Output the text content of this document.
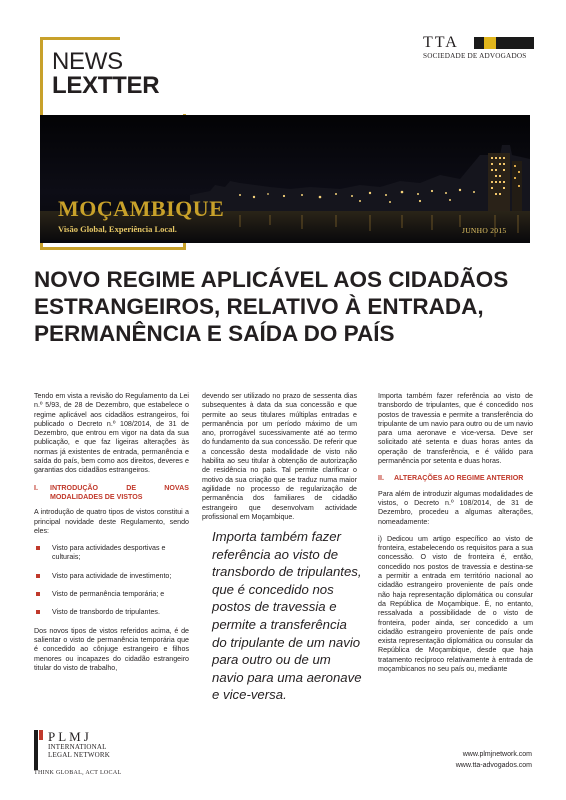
NEWS
LEXTTER
TTA
SOCIEDADE DE ADVOGADOS
MOÇAMBIQUE
Visão Global, Experiência Local.	JUNHO 2015
NOVO REGIME APLICÁVEL AOS CIDADÃOS
ESTRANGEIROS, RELATIVO À ENTRADA,
PERMANÊNCIA E SAÍDA DO PAÍS

Tendo em vista a revisão do Regulamento da Lei n.º 5/93, de 28 de Dezembro, que estabelece o regime aplicável aos cidadãos estrangeiros, foi publicado o Decreto n.º 108/2014, de 31 de Dezembro, que entrou em vigor na data da sua publicação, e que faz ligeiras alterações às normas já existentes de entrada, permanência e saída do país, bem como aos direitos, deveres e garantias dos cidadãos estrangeiros.

I.	INTRODUÇÃO DE NOVAS MODALIDADES DE VISTOS

A introdução de quatro tipos de vistos constitui a principal novidade deste Regulamento, sendo eles:

Visto para actividades desportivas e culturais;
Visto para actividade de investimento;
Visto de permanência temporária; e
Visto de transbordo de tripulantes.

Dos novos tipos de vistos referidos acima, é de salientar o visto de permanência temporária que é concedido ao cônjuge estrangeiro e filhos menores ou incapazes do cidadão estrangeiro titular do visto de trabalho,

devendo ser utilizado no prazo de sessenta dias subsequentes à data da sua concessão e que permite ao seus titulares múltiplas entradas e permanência por um período máximo de um ano, prorrogável sucessivamente até ao termo do fundamento da sua concessão. De referir que a concessão desta modalidade de visto não habilita ao seu titular à obtenção de autorização de residência no país. Tal permite clarificar o motivo da sua criação que se traduz numa maior agilidade no processo de regularização de permanência dos familiares de cidadão estrangeiro que desenvolvam actividade profissional em Moçambique.

Importa também fazer referência ao visto de transbordo de tripulantes, que é concedido nos postos de travessia e permite a transferência do tripulante de um navio para outro ou de um navio para uma aeronave e vice-versa.

Importa também fazer referência ao visto de transbordo de tripulantes, que é concedido nos postos de travessia e permite a transferência do tripulante de um navio para outro ou de um navio para uma aeronave e vice-versa. Deve ser solicitado até setenta e duas horas antes da operação de transferência, e é válido para permanência por setenta e duas horas.

II.	ALTERAÇÕES AO REGIME ANTERIOR

Para além de introduzir algumas modalidades de vistos, o Decreto n.º 108/2014, de 31 de Dezembro, procedeu a algumas alterações, nomeadamente:

i) Dedicou um artigo específico ao visto de fronteira, estabelecendo os requisitos para a sua concessão. O visto de fronteira é, então, concedido nos postos de travessia e destina-se a permitir a entrada em território nacional ao cidadão estrangeiro proveniente de país onde não haja representação diplomática ou consular da República de Moçambique. É, no entanto, ressalvada a possibilidade de o visto de fronteira, poder ainda, ser concedido a um cidadão estrangeiro proveniente de país onde exista representação diplomática ou consular da República de Moçambique, desde que haja tratamento recíproco relativamente à entrada de moçambicanos no seu país ou, mediante

PLMJ
INTERNATIONAL
LEGAL NETWORK
THINK GLOBAL, ACT LOCAL
www.plmjnetwork.com
www.tta-advogados.com
